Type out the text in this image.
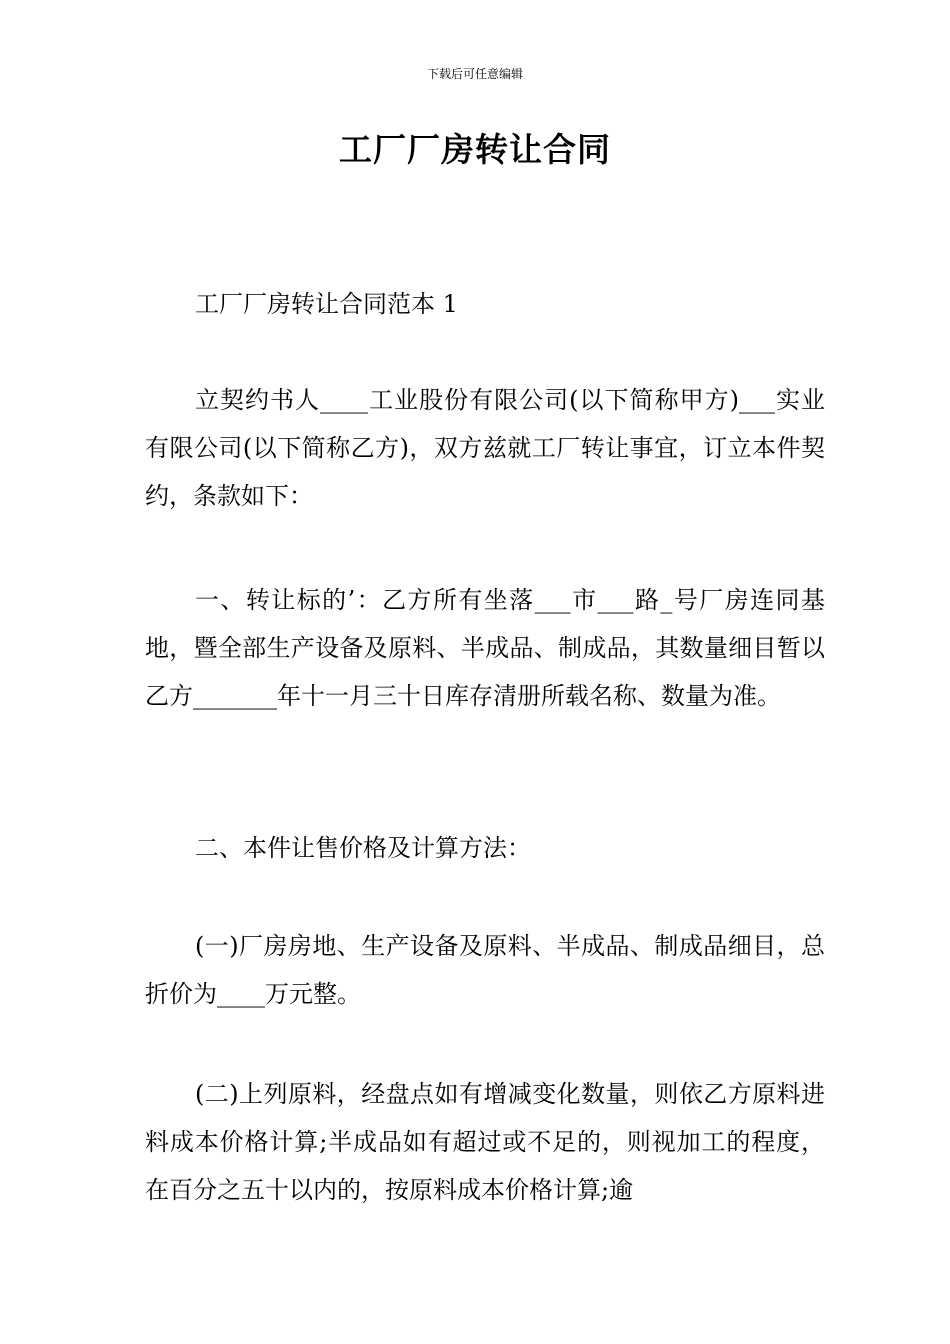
下载后可任意编辑
工厂厂房转让合同

工厂厂房转让合同范本 1

立契约书人____工业股份有限公司(以下简称甲方)___实业有限公司(以下简称乙方)，双方兹就工厂转让事宜，订立本件契约，条款如下：

一、转让标的’：乙方所有坐落___市___路_号厂房连同基地，暨全部生产设备及原料、半成品、制成品，其数量细目暂以乙方_______年十一月三十日库存清册所载名称、数量为准。

二、本件让售价格及计算方法：

(一)厂房房地、生产设备及原料、半成品、制成品细目，总折价为____万元整。

(二)上列原料，经盘点如有增减变化数量，则依乙方原料进料成本价格计算;半成品如有超过或不足的，则视加工的程度，在百分之五十以内的，按原料成本价格计算;逾
